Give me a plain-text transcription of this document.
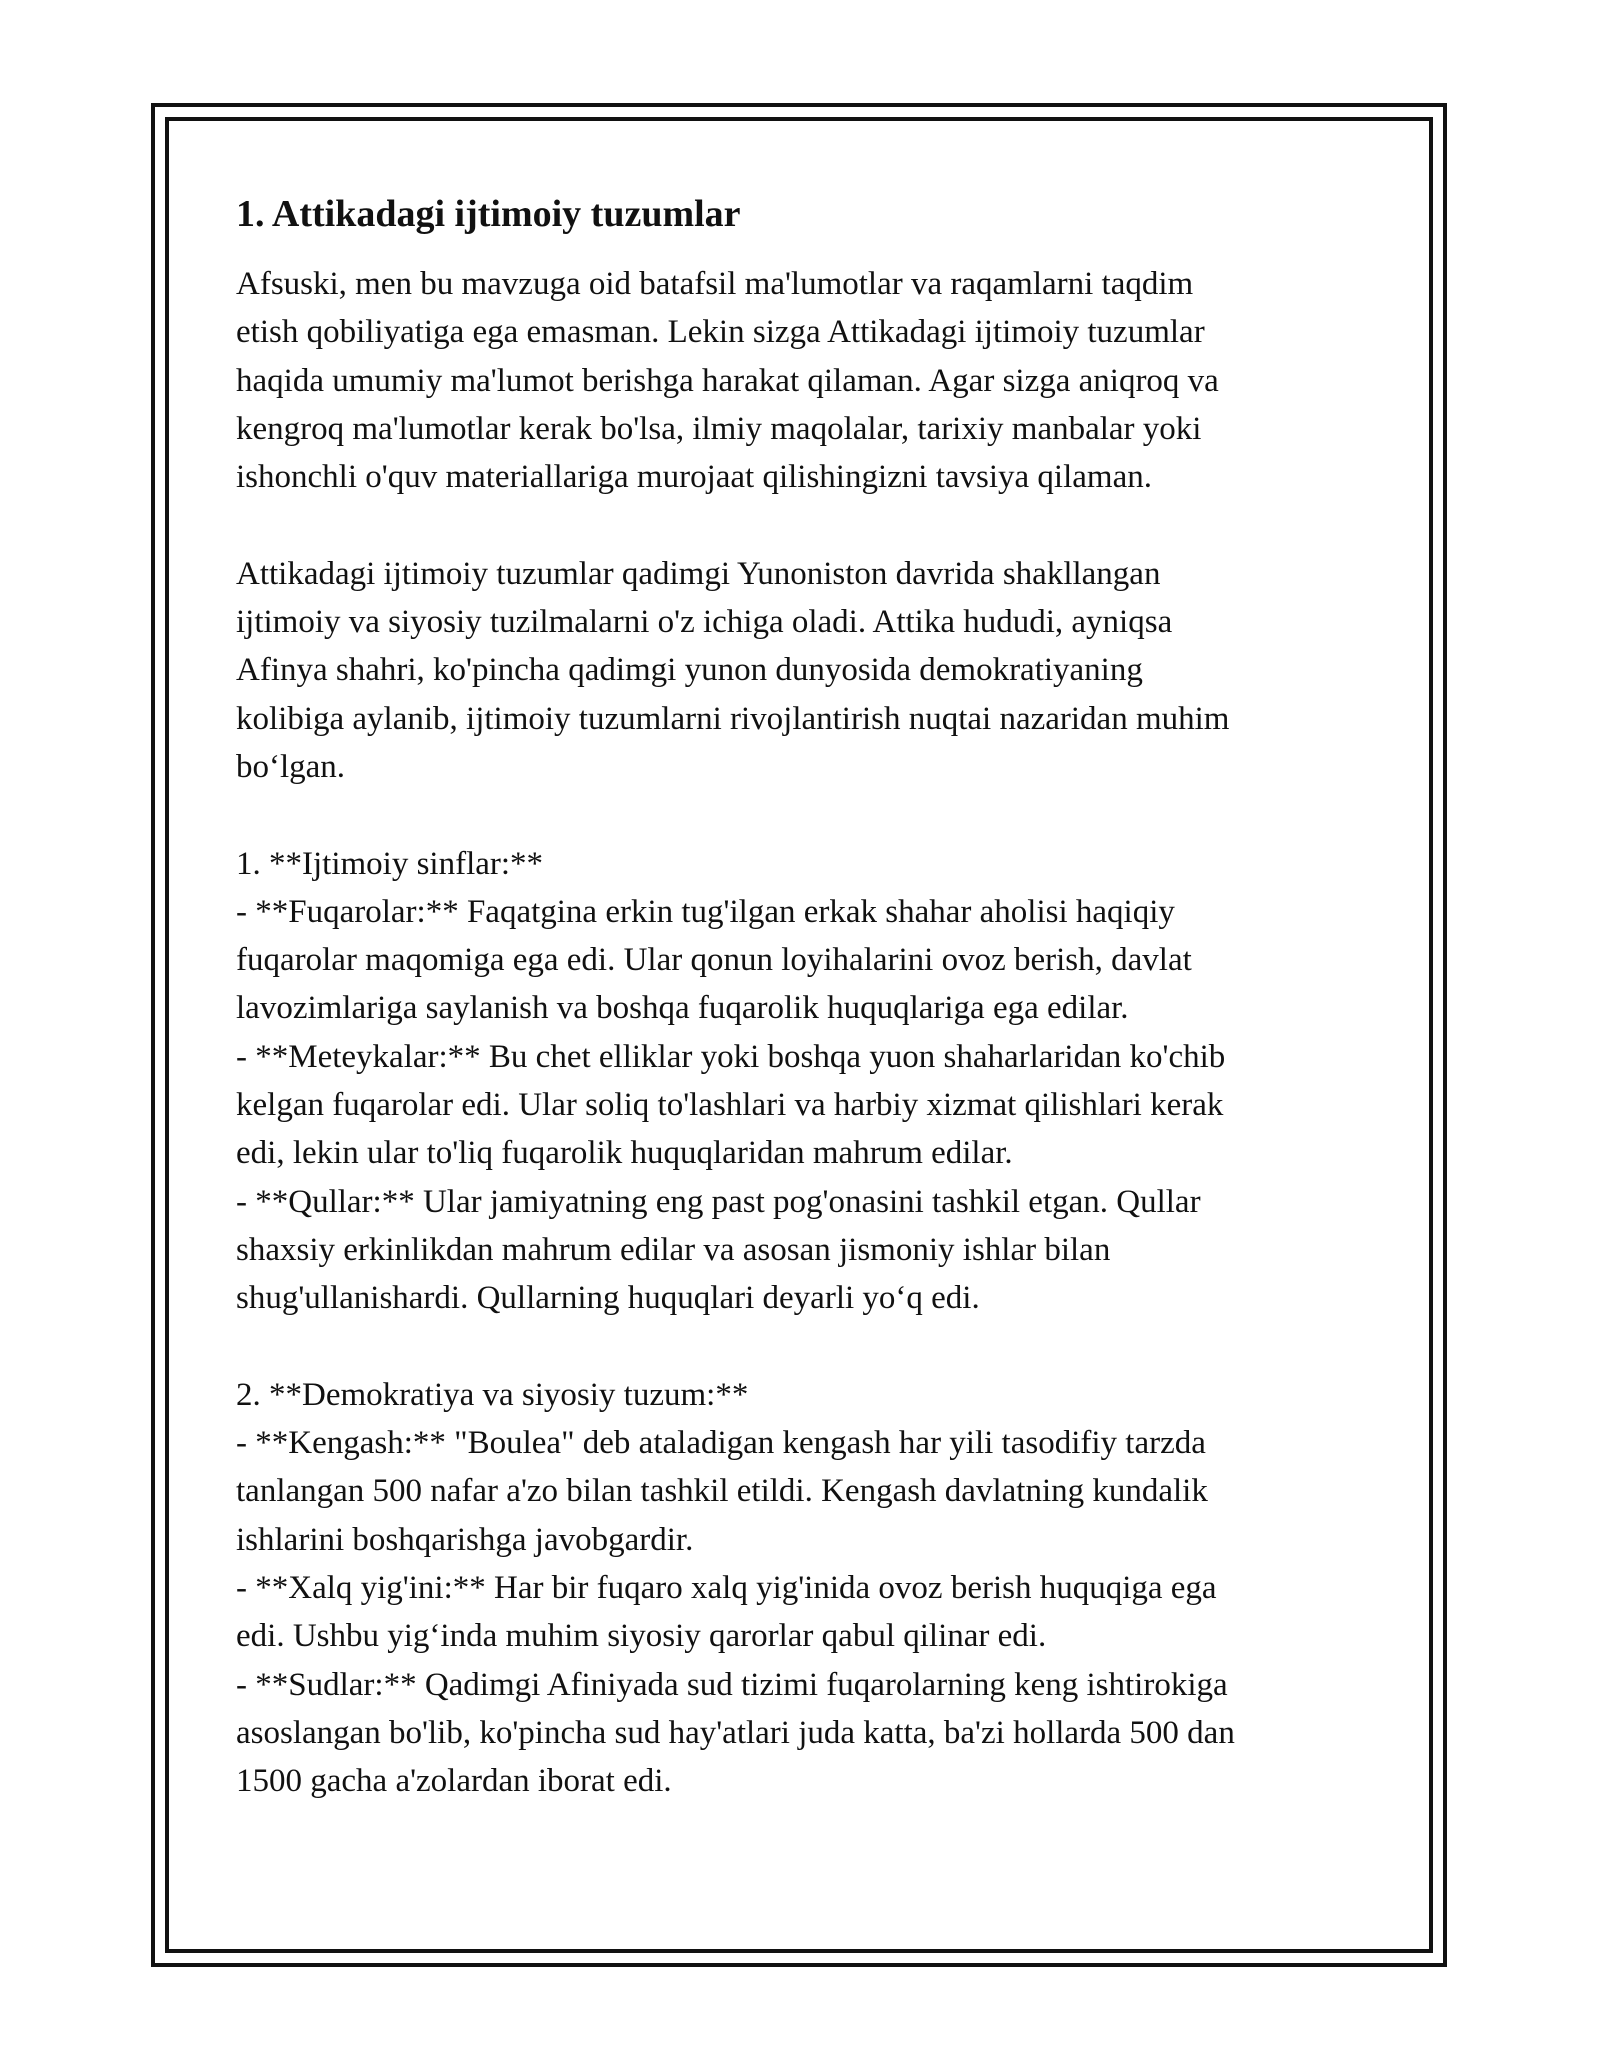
1. Attikadagi ijtimoiy tuzumlar

Afsuski, men bu mavzuga oid batafsil ma'lumotlar va raqamlarni taqdim
etish qobiliyatiga ega emasman. Lekin sizga Attikadagi ijtimoiy tuzumlar
haqida umumiy ma'lumot berishga harakat qilaman. Agar sizga aniqroq va
kengroq ma'lumotlar kerak bo'lsa, ilmiy maqolalar, tarixiy manbalar yoki
ishonchli o'quv materiallariga murojaat qilishingizni tavsiya qilaman.

Attikadagi ijtimoiy tuzumlar qadimgi Yunoniston davrida shakllangan
ijtimoiy va siyosiy tuzilmalarni o'z ichiga oladi. Attika hududi, ayniqsa
Afinya shahri, ko'pincha qadimgi yunon dunyosida demokratiyaning
kolibiga aylanib, ijtimoiy tuzumlarni rivojlantirish nuqtai nazaridan muhim
bo‘lgan.

1. **Ijtimoiy sinflar:**
- **Fuqarolar:** Faqatgina erkin tug'ilgan erkak shahar aholisi haqiqiy
fuqarolar maqomiga ega edi. Ular qonun loyihalarini ovoz berish, davlat
lavozimlariga saylanish va boshqa fuqarolik huquqlariga ega edilar.
- **Meteykalar:** Bu chet elliklar yoki boshqa yuon shaharlaridan ko'chib
kelgan fuqarolar edi. Ular soliq to'lashlari va harbiy xizmat qilishlari kerak
edi, lekin ular to'liq fuqarolik huquqlaridan mahrum edilar.
- **Qullar:** Ular jamiyatning eng past pog'onasini tashkil etgan. Qullar
shaxsiy erkinlikdan mahrum edilar va asosan jismoniy ishlar bilan
shug'ullanishardi. Qullarning huquqlari deyarli yo‘q edi.

2. **Demokratiya va siyosiy tuzum:**
- **Kengash:** "Boulea" deb ataladigan kengash har yili tasodifiy tarzda
tanlangan 500 nafar a'zo bilan tashkil etildi. Kengash davlatning kundalik
ishlarini boshqarishga javobgardir.
- **Xalq yig'ini:** Har bir fuqaro xalq yig'inida ovoz berish huquqiga ega
edi. Ushbu yig‘inda muhim siyosiy qarorlar qabul qilinar edi.
- **Sudlar:** Qadimgi Afiniyada sud tizimi fuqarolarning keng ishtirokiga
asoslangan bo'lib, ko'pincha sud hay'atlari juda katta, ba'zi hollarda 500 dan
1500 gacha a'zolardan iborat edi.
